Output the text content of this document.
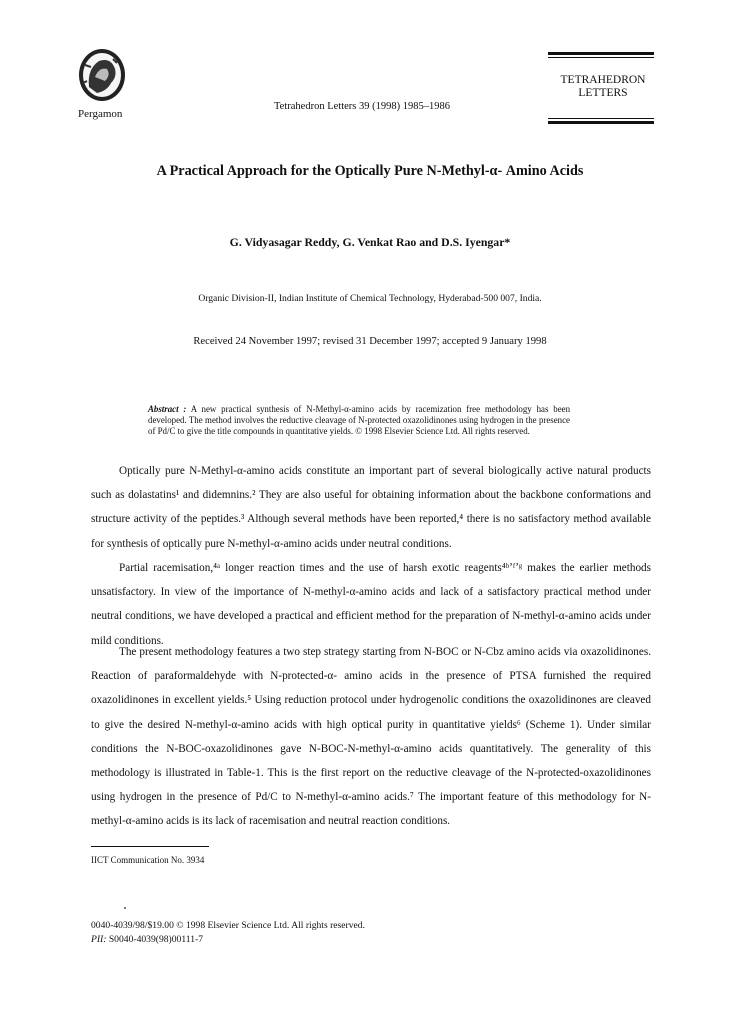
Pergamon
Tetrahedron Letters 39 (1998) 1985–1986
TETRAHEDRON
LETTERS
A Practical Approach for the Optically Pure N-Methyl-α- Amino Acids
G. Vidyasagar Reddy, G. Venkat Rao and D.S. Iyengar*
Organic Division-II, Indian Institute of Chemical Technology, Hyderabad-500 007, India.
Received 24 November 1997; revised 31 December 1997; accepted 9 January 1998
Abstract : A new practical synthesis of N-Methyl-α-amino acids by racemization free methodology has been developed. The method involves the reductive cleavage of N-protected oxazolidinones using hydrogen in the presence of Pd/C to give the title compounds in quantitative yields. © 1998 Elsevier Science Ltd. All rights reserved.

Optically pure N-Methyl-α-amino acids constitute an important part of several biologically active natural products such as dolastatins¹ and didemnins.² They are also useful for obtaining information about the backbone conformations and structure activity of the peptides.³ Although several methods have been reported,⁴ there is no satisfactory method available for synthesis of optically pure N-methyl-α-amino acids under neutral conditions.

Partial racemisation,⁴ᵃ longer reaction times and the use of harsh exotic reagents⁴ᵇʼᶠʼᵍ makes the earlier methods unsatisfactory. In view of the importance of N-methyl-α-amino acids and lack of a satisfactory practical method under neutral conditions, we have developed a practical and efficient method for the preparation of N-methyl-α-amino acids under mild conditions.

The present methodology features a two step strategy starting from N-BOC or N-Cbz amino acids via oxazolidinones. Reaction of paraformaldehyde with N-protected-α- amino acids in the presence of PTSA furnished the required oxazolidinones in excellent yields.⁵ Using reduction protocol under hydrogenolic conditions the oxazolidinones are cleaved to give the desired N-methyl-α-amino acids with high optical purity in quantitative yields⁶ (Scheme 1). Under similar conditions the N-BOC-oxazolidinones gave N-BOC-N-methyl-α-amino acids quantitatively. The generality of this methodology is illustrated in Table-1. This is the first report on the reductive cleavage of the N-protected-oxazolidinones using hydrogen in the presence of Pd/C to N-methyl-α-amino acids.⁷ The important feature of this methodology for N-methyl-α-amino acids is its lack of racemisation and neutral reaction conditions.

IICT Communication No. 3934
0040-4039/98/$19.00 © 1998 Elsevier Science Ltd. All rights reserved.
PII: S0040-4039(98)00111-7
